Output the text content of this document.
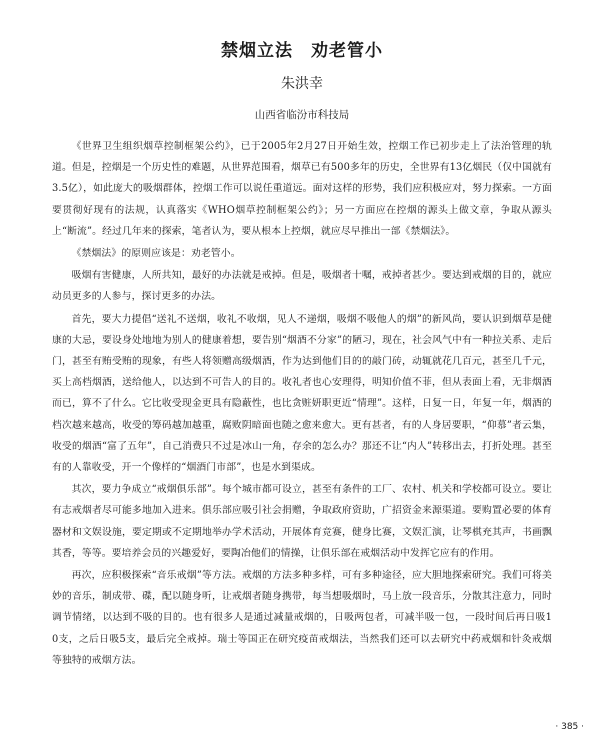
禁烟立法　劝老管小
朱洪幸
山西省临汾市科技局

《世界卫生组织烟草控制框架公约》，已于2005年2月27日开始生效，控烟工作已初步走上了法治管理的轨道。但是，控烟是一个历史性的难题，从世界范围看，烟草已有500多年的历史，全世界有13亿烟民（仅中国就有3.5亿），如此庞大的吸烟群体，控烟工作可以说任重道远。面对这样的形势，我们应积极应对，努力探索。一方面要贯彻好现有的法规，认真落实《WHO烟草控制框架公约》；另一方面应在控烟的源头上做文章，争取从源头上“断流”。经过几年来的探索，笔者认为，要从根本上控烟，就应尽早推出一部《禁烟法》。

《禁烟法》的原则应该是：劝老管小。

吸烟有害健康，人所共知，最好的办法就是戒掉。但是，吸烟者十嘱，戒掉者甚少。要达到戒烟的目的，就应动员更多的人参与，探讨更多的办法。

首先，要大力提倡“送礼不送烟，收礼不收烟，见人不递烟，吸烟不吸他人的烟”的新风尚，要认识到烟草是健康的大忌，要设身处地地为别人的健康着想，要告别“烟酒不分家”的陋习，现在，社会风气中有一种拉关系、走后门，甚至有贿受贿的现象，有些人将领赠高级烟酒，作为达到他们目的的敲门砖，动辄就花几百元，甚至几千元，买上高档烟酒，送给他人，以达到不可告人的目的。收礼者也心安理得，明知价值不菲，但从表面上看，无非烟酒而已，算不了什么。它比收受现金更具有隐蔽性，也比贪赃妍职更近“情理”。这样，日复一日，年复一年，烟酒的档次越来越高，收受的筹码越加越重，腐败阴暗面也随之愈来愈大。更有甚者，有的人身居要职，“仰慕”者云集，收受的烟酒“富了五年”，自己消费只不过是冰山一角，存余的怎么办？那还不让“内人”转移出去，打折处理。甚至有的人靠收受，开一个像样的“烟酒门市部”，也是水到渠成。

其次，要力争成立“戒烟俱乐部”。每个城市都可设立，甚至有条件的工厂、农村、机关和学校都可设立。要让有志戒烟者尽可能多地加入进来。俱乐部应吸引社会捐赠，争取政府资助，广招资金来源渠道。要购置必要的体育器材和文娱设施，要定期或不定期地举办学术活动，开展体育竞赛，健身比赛，文娱汇演，让琴棋充其声，书画飘其香，等等。要培养会员的兴趣爱好，要陶冶他们的情操，让俱乐部在戒烟活动中发挥它应有的作用。

再次，应积极探索“音乐戒烟”等方法。戒烟的方法多种多样，可有多种途径，应大胆地探索研究。我们可将美妙的音乐，制成带、碟，配以随身听，让戒烟者随身携带，每当想吸烟时，马上放一段音乐，分散其注意力，同时调节情绪，以达到不吸的目的。也有很多人是通过减量戒烟的，日吸两包者，可减半吸一包，一段时间后再日吸10支，之后日吸5支，最后完全戒掉。瑞士等国正在研究疫苗戒烟法，当然我们还可以去研究中药戒烟和针灸戒烟等独特的戒烟方法。

· 385 ·
